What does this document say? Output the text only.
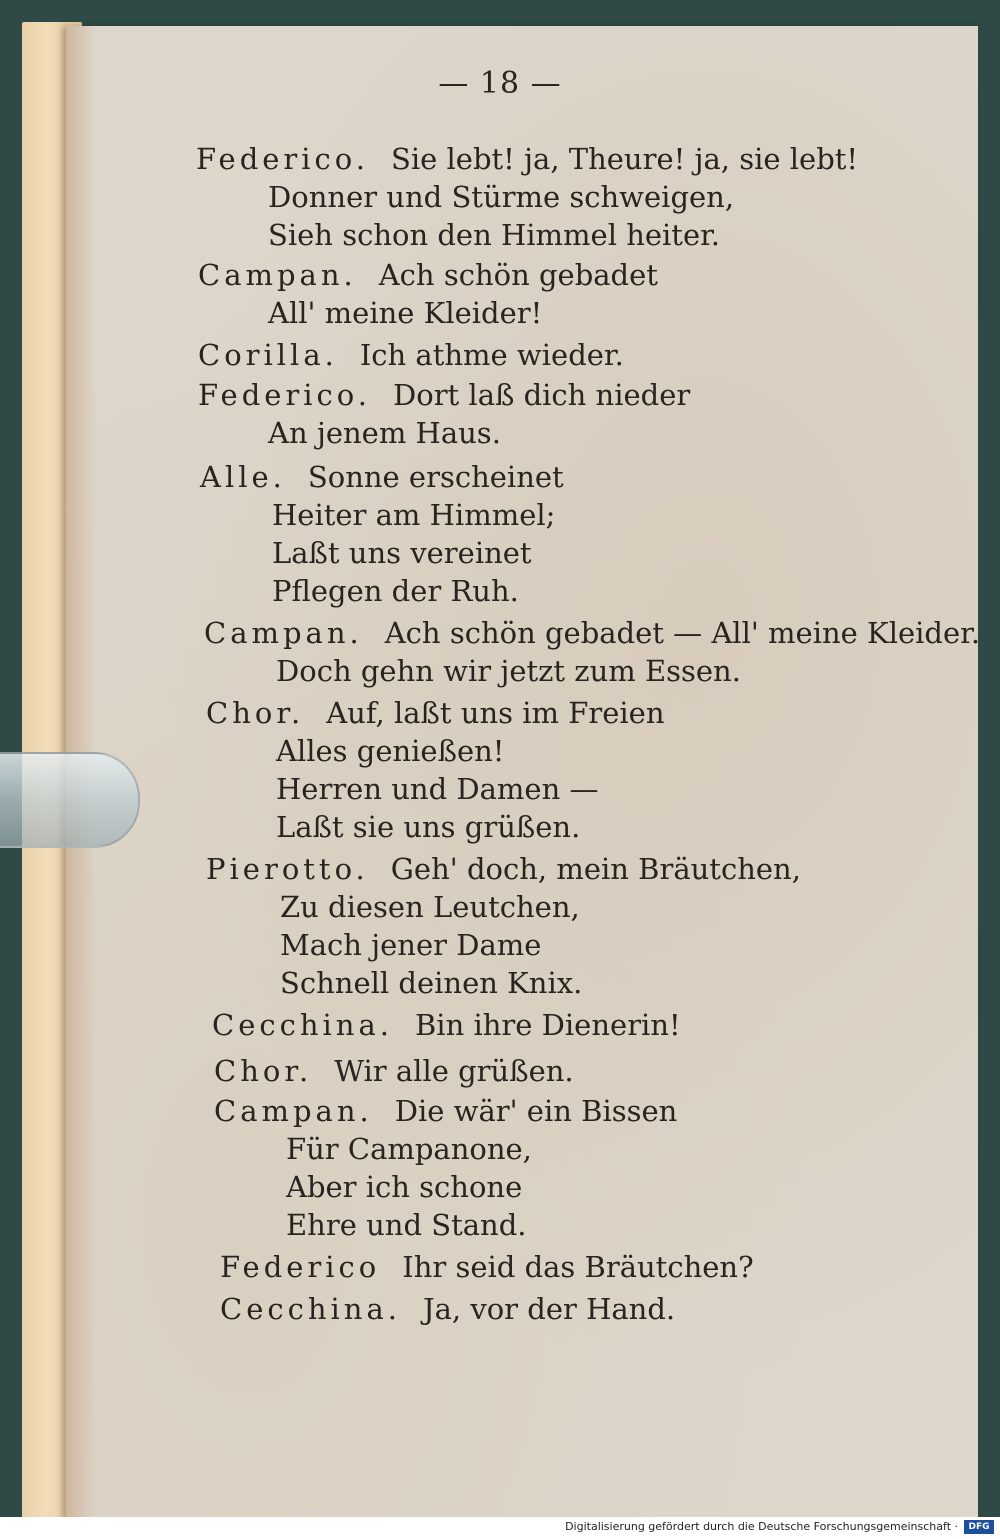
— 18 —
Federico. Sie lebt! ja, Theure! ja, sie lebt!
Donner und Stürme schweigen,
Sieh schon den Himmel heiter.
Campan. Ach schön gebadet
All' meine Kleider!
Corilla. Ich athme wieder.
Federico. Dort laß dich nieder
An jenem Haus.
Alle. Sonne erscheinet
Heiter am Himmel;
Laßt uns vereinet
Pflegen der Ruh.
Campan. Ach schön gebadet — All' meine Kleider.
Doch gehn wir jetzt zum Essen.
Chor. Auf, laßt uns im Freien
Alles genießen!
Herren und Damen —
Laßt sie uns grüßen.
Pierotto. Geh' doch, mein Bräutchen,
Zu diesen Leutchen,
Mach jener Dame
Schnell deinen Knix.
Cecchina. Bin ihre Dienerin!
Chor. Wir alle grüßen.
Campan. Die wär' ein Bissen
Für Campanone,
Aber ich schone
Ehre und Stand.
Federico Ihr seid das Bräutchen?
Cecchina. Ja, vor der Hand.
Digitalisierung gefördert durch die Deutsche Forschungsgemeinschaft ·	DFG
